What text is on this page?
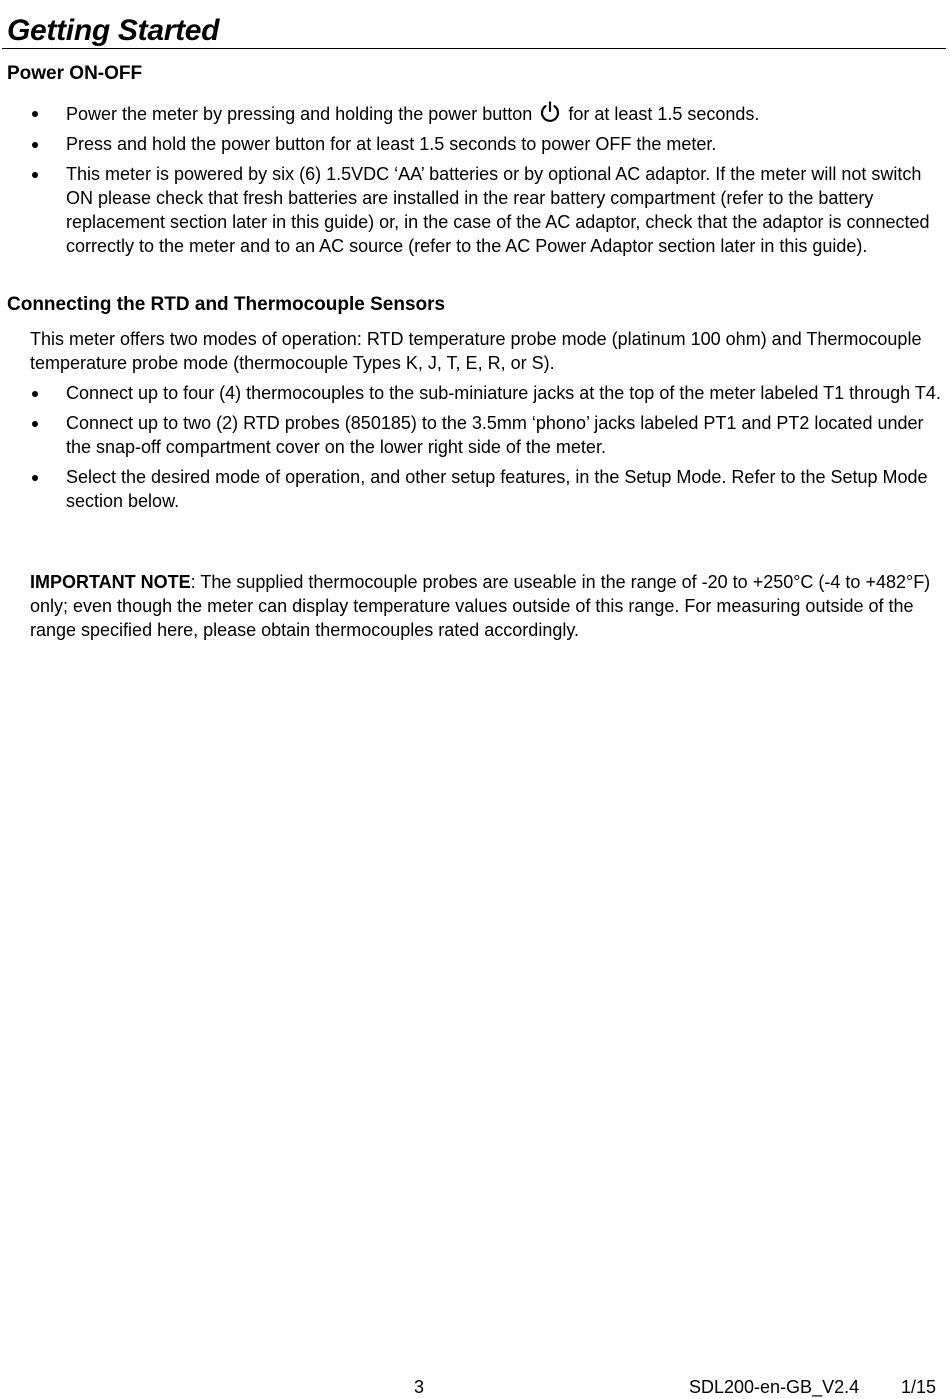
Getting Started
Power ON-OFF
Power the meter by pressing and holding the power button for at least 1.5 seconds.
Press and hold the power button for at least 1.5 seconds to power OFF the meter.
This meter is powered by six (6) 1.5VDC ‘AA’ batteries or by optional AC adaptor. If the meter will not switch ON please check that fresh batteries are installed in the rear battery compartment (refer to the battery replacement section later in this guide) or, in the case of the AC adaptor, check that the adaptor is connected correctly to the meter and to an AC source (refer to the AC Power Adaptor section later in this guide).
Connecting the RTD and Thermocouple Sensors

This meter offers two modes of operation: RTD temperature probe mode (platinum 100 ohm) and Thermocouple temperature probe mode (thermocouple Types K, J, T, E, R, or S).

Connect up to four (4) thermocouples to the sub-miniature jacks at the top of the meter labeled T1 through T4.
Connect up to two (2) RTD probes (850185) to the 3.5mm ‘phono’ jacks labeled PT1 and PT2 located under the snap-off compartment cover on the lower right side of the meter.
Select the desired mode of operation, and other setup features, in the Setup Mode. Refer to the Setup Mode section below.

IMPORTANT NOTE: The supplied thermocouple probes are useable in the range of -20 to +250°C (-4 to +482°F) only; even though the meter can display temperature values outside of this range. For measuring outside of the range specified here, please obtain thermocouples rated accordingly.

3	SDL200-en-GB_V2.4 1/15
